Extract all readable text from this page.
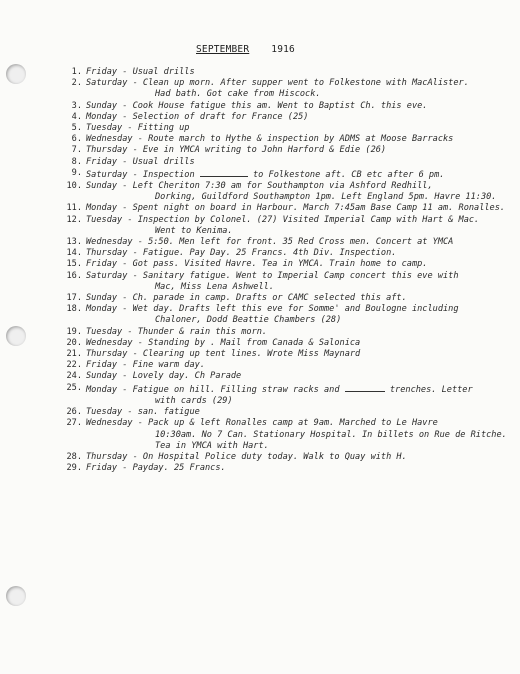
SEPTEMBER 1916
1. Friday - Usual drills
2. Saturday - Clean up morn. After supper went to Folkestone with MacAlister.
Had bath. Got cake from Hiscock.
3. Sunday - Cook House fatigue this am. Went to Baptist Ch. this eve.
4. Monday - Selection of draft for France (25)
5. Tuesday - Fitting up
6. Wednesday - Route march to Hythe & inspection by ADMS at Moose Barracks
7. Thursday - Eve in YMCA writing to John Harford & Edie (26)
8. Friday - Usual drills
9. Saturday - Inspection	to Folkestone aft. CB etc after 6 pm.
10. Sunday - Left Cheriton 7:30 am for Southampton via Ashford Redhill,
Dorking, Guildford Southampton 1pm. Left England 5pm. Havre 11:30.
11. Monday - Spent night on board in Harbour. March 7:45am Base Camp 11 am. Ronalles.
12. Tuesday - Inspection by Colonel. (27) Visited Imperial Camp with Hart & Mac.
Went to Kenima.
13. Wednesday - 5:50. Men left for front. 35 Red Cross men. Concert at YMCA
14. Thursday - Fatigue. Pay Day. 25 Francs. 4th Div. Inspection.
15. Friday - Got pass. Visited Havre. Tea in YMCA. Train home to camp.
16. Saturday - Sanitary fatigue. Went to Imperial Camp concert this eve with
Mac, Miss Lena Ashwell.
17. Sunday - Ch. parade in camp. Drafts or CAMC selected this aft.
18. Monday - Wet day. Drafts left this eve for Somme' and Boulogne including
Chaloner, Dodd Beattie Chambers (28)
19. Tuesday - Thunder & rain this morn.
20. Wednesday - Standing by . Mail from Canada & Salonica
21. Thursday - Clearing up tent lines. Wrote Miss Maynard
22. Friday - Fine warm day.
24. Sunday - Lovely day. Ch Parade
25. Monday - Fatigue on hill. Filling straw racks and	trenches. Letter
with cards (29)
26. Tuesday - san. fatigue
27. Wednesday - Pack up & left Ronalles camp at 9am. Marched to Le Havre
10:30am. No 7 Can. Stationary Hospital. In billets on Rue de Ritche.
Tea in YMCA with Hart.
28. Thursday - On Hospital Police duty today. Walk to Quay with H.
29. Friday - Payday. 25 Francs.
